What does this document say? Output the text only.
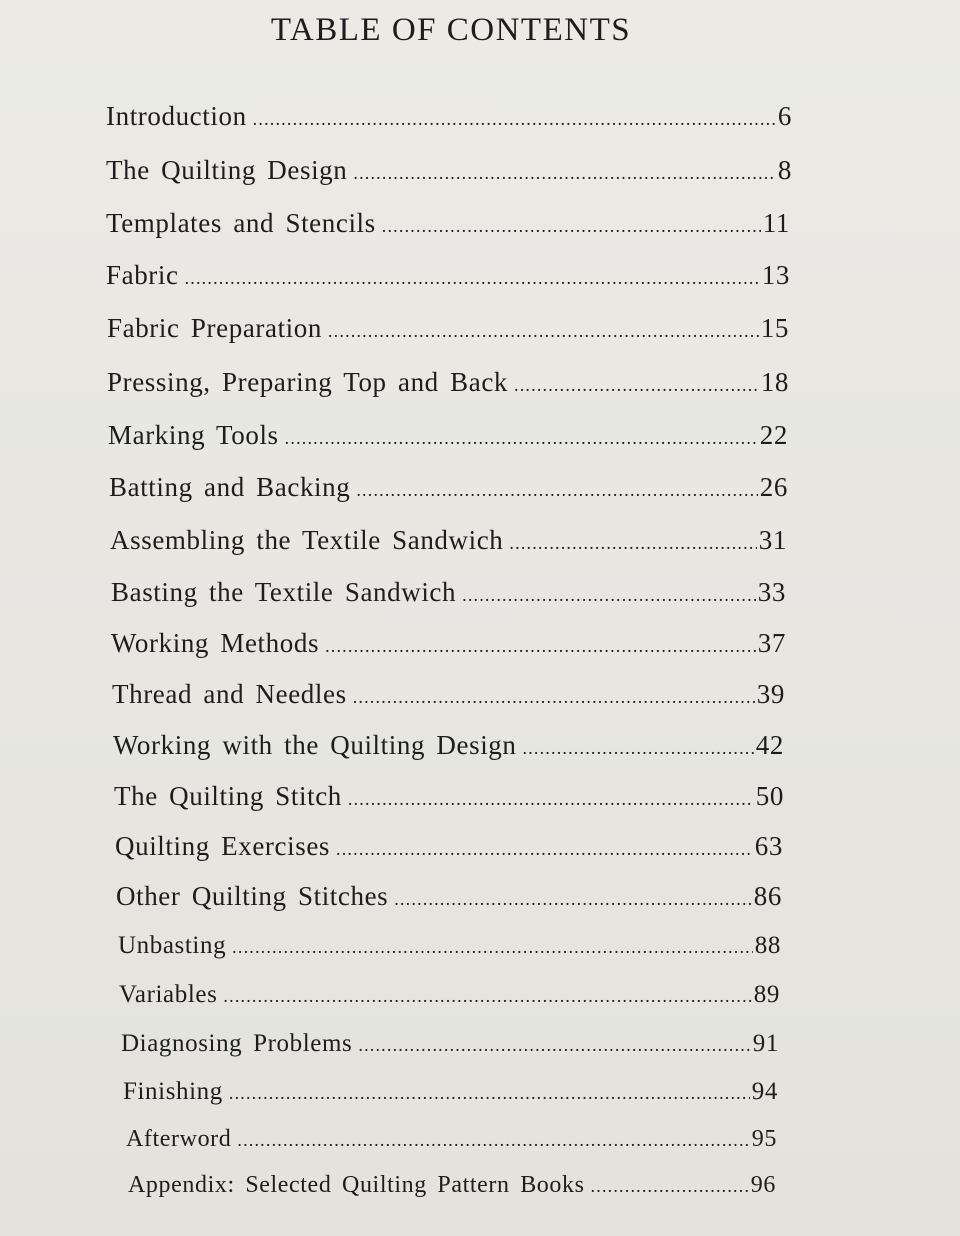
TABLE OF CONTENTS
Introduction .....	6
The Quilting Design .....	8
Templates and Stencils .....	11
Fabric .....	13
Fabric Preparation .....	15
Pressing, Preparing Top and Back .....	18
Marking Tools .....	22
Batting and Backing .....	26
Assembling the Textile Sandwich .....	31
Basting the Textile Sandwich .....	33
Working Methods .....	37
Thread and Needles .....	39
Working with the Quilting Design .....	42
The Quilting Stitch .....	50
Quilting Exercises .....	63
Other Quilting Stitches .....	86
Unbasting .....	88
Variables .....	89
Diagnosing Problems .....	91
Finishing .....	94
Afterword .....	95
Appendix: Selected Quilting Pattern Books .....	96
